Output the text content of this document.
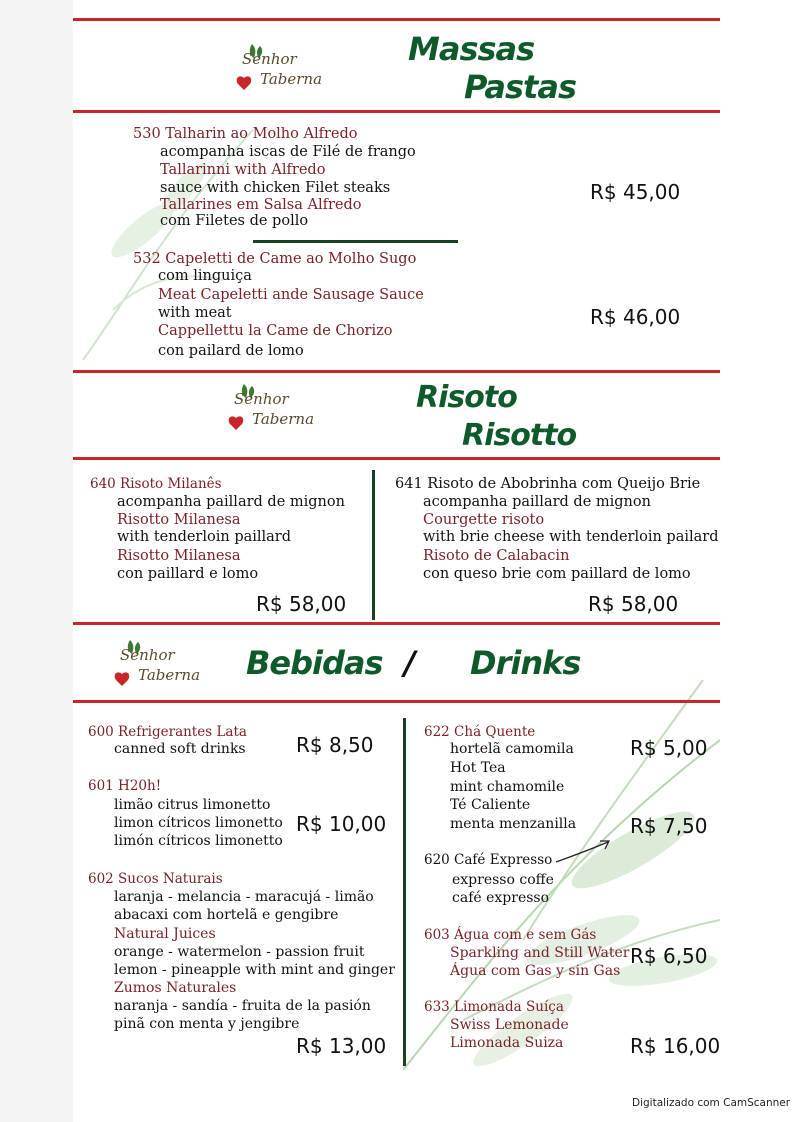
Senhor
Taberna
Massas
Pastas
530 Talharin ao Molho Alfredo
acompanha iscas de Filé de frango
Tallarinni with Alfredo
sauce with chicken Filet steaks
Tallarines em Salsa Alfredo
com Filetes de pollo
R$ 45,00
532 Capeletti de Came ao Molho Sugo
com linguiça
Meat Capeletti ande Sausage Sauce
with meat
Cappellettu la Came de Chorizo
con pailard de lomo
R$ 46,00
Senhor
Taberna
Risoto
Risotto
640 Risoto Milanês
acompanha paillard de mignon
Risotto Milanesa
with tenderloin paillard
Risotto Milanesa
con paillard e lomo
R$ 58,00
641 Risoto de Abobrinha com Queijo Brie
acompanha paillard de mignon
Courgette risoto
with brie cheese with tenderloin pailard
Risoto de Calabacin
con queso brie com paillard de lomo
R$ 58,00
Senhor
Taberna Bebidas / Drinks
600 Refrigerantes Lata
canned soft drinks	R$ 8,50
601 H20h!
limão citrus limonetto
limon cítricos limonetto
limón cítricos limonetto
R$ 10,00
602 Sucos Naturais
laranja - melancia - maracujá - limão
abacaxi com hortelã e gengibre
Natural Juices
orange - watermelon - passion fruit
lemon - pineapple with mint and ginger
Zumos Naturales
naranja - sandía - fruita de la pasión
pinã con menta y jengibre
R$ 13,00
622 Chá Quente
hortelã camomila
Hot Tea
mint chamomile
Té Caliente
menta menzanilla
R$ 5,00
R$ 7,50
620 Café Expresso
expresso coffe
café expresso
603 Água com e sem Gás
Sparkling and Still Water
Água com Gas y sin Gas
R$ 6,50
633 Limonada Suíça
Swiss Lemonade
Limonada Suiza	R$ 16,00
Digitalizado com CamScanner
